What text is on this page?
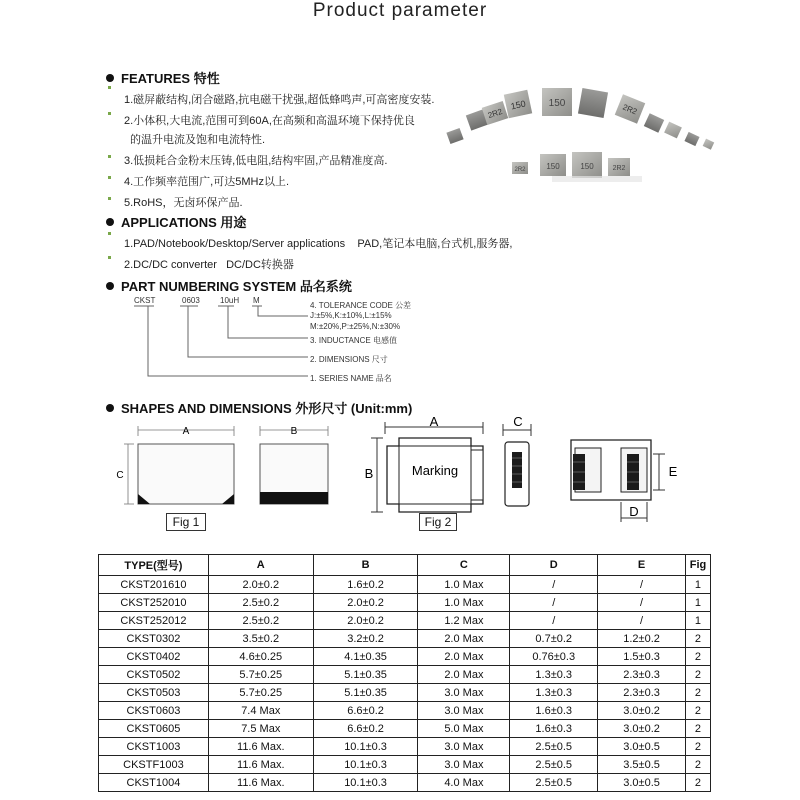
Product parameter
FEATURES 特性
1.磁屏蔽结构,闭合磁路,抗电磁干扰强,超低蜂鸣声,可高密度安装.
2.小体积,大电流,范围可到60A,在高频和高温环境下保持优良
的温升电流及饱和电流特性.
3.低损耗合金粉末压铸,低电阻,结构牢固,产品精准度高.
4.工作频率范围广,可达5MHz以上.
5.RoHS，无卤环保产品.
2R2
150 150	2R2
150	150	2R2
2R2
APPLICATIONS 用途
1.PAD/Notebook/Desktop/Server applications    PAD,笔记本电脑,台式机,服务器,
2.DC/DC converter   DC/DC转换器
PART NUMBERING SYSTEM 品名系统
CKST	0603	10uH M
4. TOLERANCE CODE 公差
J:±5%,K:±10%,L:±15%
M:±20%,P:±25%,N:±30%
3. INDUCTANCE 电感值
2. DIMENSIONS 尺寸
1. SERIES NAME 品名
SHAPES AND DIMENSIONS 外形尺寸 (Unit:mm)
A	B
C
Fig 1
A
B
C
Marking	E
D
Fig 2
TYPE(型号)	A	B	C	D	E	Fig
CKST201610	2.0±0.2	1.6±0.2	1.0 Max	/	/	1
CKST252010	2.5±0.2	2.0±0.2	1.0 Max	/	/	1
CKST252012	2.5±0.2	2.0±0.2	1.2 Max	/	/	1
CKST0302	3.5±0.2	3.2±0.2	2.0 Max	0.7±0.2	1.2±0.2	2
CKST0402	4.6±0.25	4.1±0.35	2.0 Max	0.76±0.3	1.5±0.3	2
CKST0502	5.7±0.25	5.1±0.35	2.0 Max	1.3±0.3	2.3±0.3	2
CKST0503	5.7±0.25	5.1±0.35	3.0 Max	1.3±0.3	2.3±0.3	2
CKST0603	7.4 Max	6.6±0.2	3.0 Max	1.6±0.3	3.0±0.2	2
CKST0605	7.5 Max	6.6±0.2	5.0 Max	1.6±0.3	3.0±0.2	2
CKST1003	11.6 Max.	10.1±0.3	3.0 Max	2.5±0.5	3.0±0.5	2
CKSTF1003	11.6 Max.	10.1±0.3	3.0 Max	2.5±0.5	3.5±0.5	2
CKST1004	11.6 Max.	10.1±0.3	4.0 Max	2.5±0.5	3.0±0.5	2
